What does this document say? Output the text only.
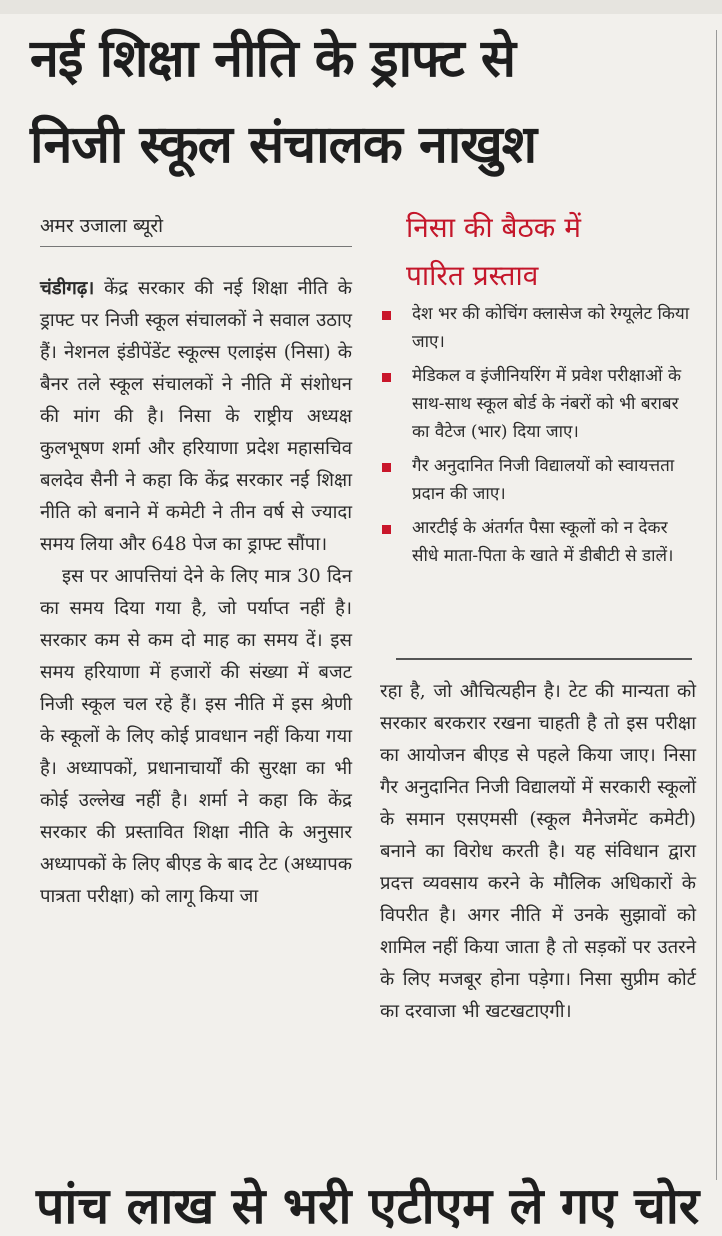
नई शिक्षा नीति के ड्राफ्ट से
निजी स्कूल संचालक नाखुश
अमर उजाला ब्यूरो

चंडीगढ़। केंद्र सरकार की नई शिक्षा नीति के ड्राफ्ट पर निजी स्कूल संचालकों ने सवाल उठाए हैं। नेशनल इंडीपेंडेंट स्कूल्स एलाइंस (निसा) के बैनर तले स्कूल संचालकों ने नीति में संशोधन की मांग की है। निसा के राष्ट्रीय अध्यक्ष कुलभूषण शर्मा और हरियाणा प्रदेश महासचिव बलदेव सैनी ने कहा कि केंद्र सरकार नई शिक्षा नीति को बनाने में कमेटी ने तीन वर्ष से ज्यादा समय लिया और 648 पेज का ड्राफ्ट सौंपा।

इस पर आपत्तियां देने के लिए मात्र 30 दिन का समय दिया गया है, जो पर्याप्त नहीं है। सरकार कम से कम दो माह का समय दें। इस समय हरियाणा में हजारों की संख्या में बजट निजी स्कूल चल रहे हैं। इस नीति में इस श्रेणी के स्कूलों के लिए कोई प्रावधान नहीं किया गया है। अध्यापकों, प्रधानाचार्यों की सुरक्षा का भी कोई उल्लेख नहीं है। शर्मा ने कहा कि केंद्र सरकार की प्रस्तावित शिक्षा नीति के अनुसार अध्यापकों के लिए बीएड के बाद टेट (अध्यापक पात्रता परीक्षा) को लागू किया जा

निसा की बैठक में
पारित प्रस्ताव
देश भर की कोचिंग क्लासेज को रेग्यूलेट किया जाए।
मेडिकल व इंजीनियरिंग में प्रवेश परीक्षाओं के साथ-साथ स्कूल बोर्ड के नंबरों को भी बराबर का वैटेज (भार) दिया जाए।
गैर अनुदानित निजी विद्यालयों को स्वायत्तता प्रदान की जाए।
आरटीई के अंतर्गत पैसा स्कूलों को न देकर सीधे माता-पिता के खाते में डीबीटी से डालें।

रहा है, जो औचित्यहीन है। टेट की मान्यता को सरकार बरकरार रखना चाहती है तो इस परीक्षा का आयोजन बीएड से पहले किया जाए। निसा गैर अनुदानित निजी विद्यालयों में सरकारी स्कूलों के समान एसएमसी (स्कूल मैनेजमेंट कमेटी) बनाने का विरोध करती है। यह संविधान द्वारा प्रदत्त व्यवसाय करने के मौलिक अधिकारों के विपरीत है। अगर नीति में उनके सुझावों को शामिल नहीं किया जाता है तो सड़कों पर उतरने के लिए मजबूर होना पड़ेगा। निसा सुप्रीम कोर्ट का दरवाजा भी खटखटाएगी।

पांच लाख से भरी एटीएम ले गए चोर
